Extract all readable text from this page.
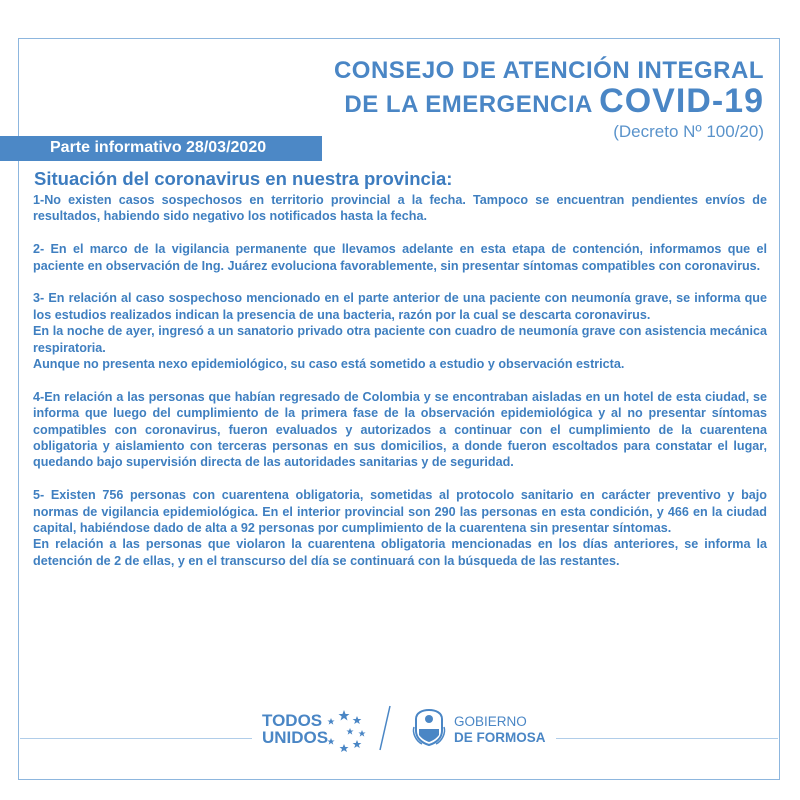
CONSEJO DE ATENCIÓN INTEGRAL
DE LA EMERGENCIA COVID-19
(Decreto Nº 100/20)
Parte informativo 28/03/2020
Situación del coronavirus en nuestra provincia:

1-No existen casos sospechosos en territorio provincial a la fecha. Tampoco se encuentran pendientes envíos de resultados, habiendo sido negativo los notificados hasta la fecha.

2- En el marco de la vigilancia permanente que llevamos adelante en esta etapa de contención, informamos que el paciente en observación de Ing. Juárez evoluciona favorablemente, sin presentar síntomas compatibles con coronavirus.

3- En relación al caso sospechoso mencionado en el parte anterior de una paciente con neumonía grave, se informa que los estudios realizados indican la presencia de una bacteria, razón por la cual se descarta coronavirus.

En la noche de ayer, ingresó a un sanatorio privado otra paciente con cuadro de neumonía grave con asistencia mecánica respiratoria.

Aunque no presenta nexo epidemiológico, su caso está sometido a estudio y observación estricta.

4-En relación a las personas que habían regresado de Colombia y se encontraban aisladas en un hotel de esta ciudad, se informa que luego del cumplimiento de la primera fase de la observación epidemiológica y al no presentar síntomas compatibles con coronavirus, fueron evaluados y autorizados a continuar con el cumplimiento de la cuarentena obligatoria y aislamiento con terceras personas en sus domicilios, a donde fueron escoltados para constatar el lugar, quedando bajo supervisión directa de las autoridades sanitarias y de seguridad.

5- Existen 756 personas con cuarentena obligatoria, sometidas al protocolo sanitario en carácter preventivo y bajo normas de vigilancia epidemiológica. En el interior provincial son 290 las personas en esta condición, y 466 en la ciudad capital, habiéndose dado de alta a 92 personas por cumplimiento de la cuarentena sin presentar síntomas.

En relación a las personas que violaron la cuarentena obligatoria mencionadas en los días anteriores, se informa la detención de 2 de ellas, y en el transcurso del día se continuará con la búsqueda de las restantes.

TODOS
UNIDOS
GOBIERNO
DE FORMOSA
